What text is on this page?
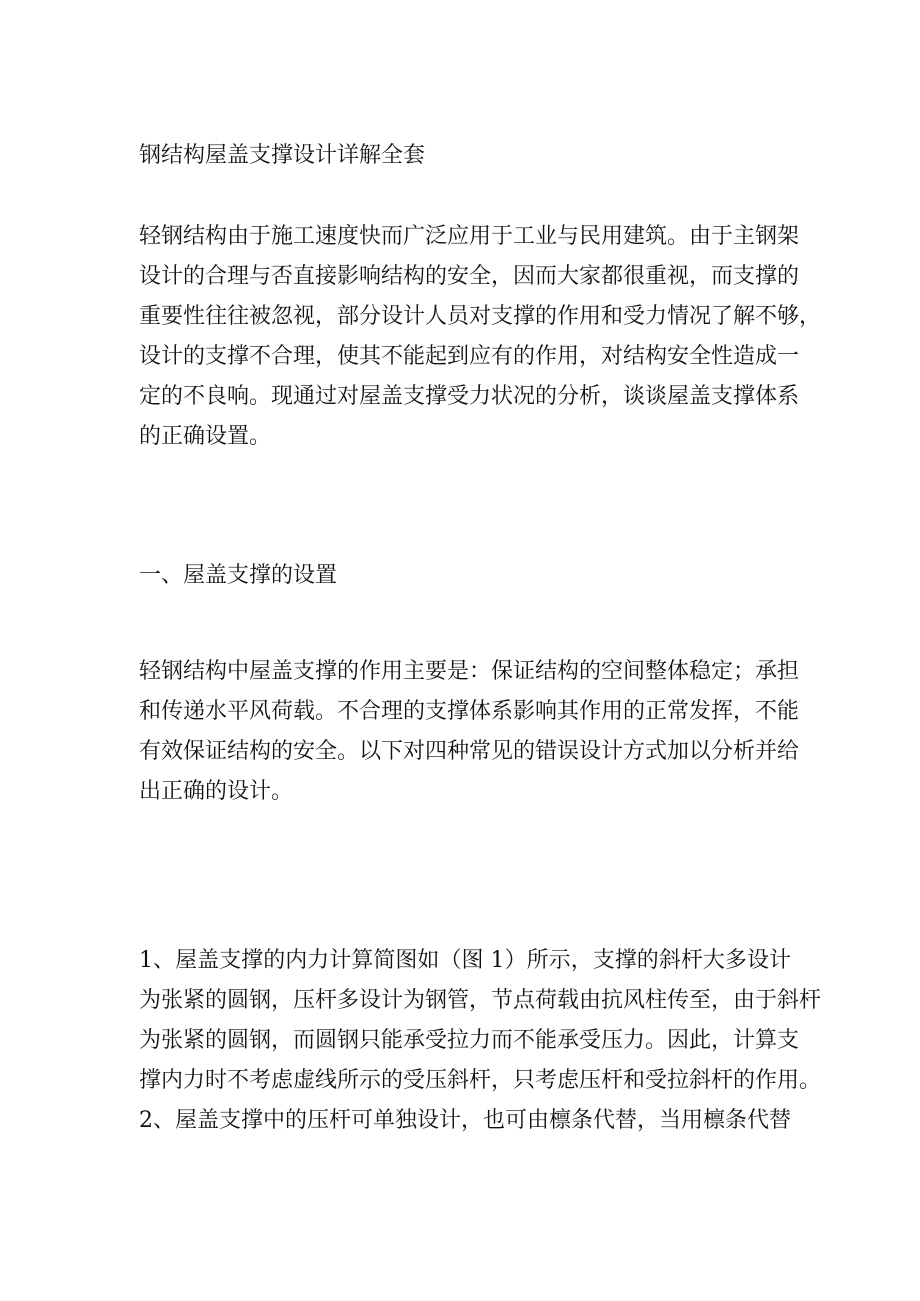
钢结构屋盖支撑设计详解全套
轻钢结构由于施工速度快而广泛应用于工业与民用建筑。由于主钢架
设计的合理与否直接影响结构的安全，因而大家都很重视，而支撑的
重要性往往被忽视，部分设计人员对支撑的作用和受力情况了解不够，
设计的支撑不合理，使其不能起到应有的作用，对结构安全性造成一
定的不良响。现通过对屋盖支撑受力状况的分析，谈谈屋盖支撑体系
的正确设置。
一、屋盖支撑的设置
轻钢结构中屋盖支撑的作用主要是：保证结构的空间整体稳定；承担
和传递水平风荷载。不合理的支撑体系影响其作用的正常发挥，不能
有效保证结构的安全。以下对四种常见的错误设计方式加以分析并给
出正确的设计。
1、屋盖支撑的内力计算简图如（图 1）所示，支撑的斜杆大多设计
为张紧的圆钢，压杆多设计为钢管，节点荷载由抗风柱传至，由于斜杆
为张紧的圆钢，而圆钢只能承受拉力而不能承受压力。因此，计算支
撑内力时不考虑虚线所示的受压斜杆，只考虑压杆和受拉斜杆的作用。
2、屋盖支撑中的压杆可单独设计，也可由檩条代替，当用檩条代替
